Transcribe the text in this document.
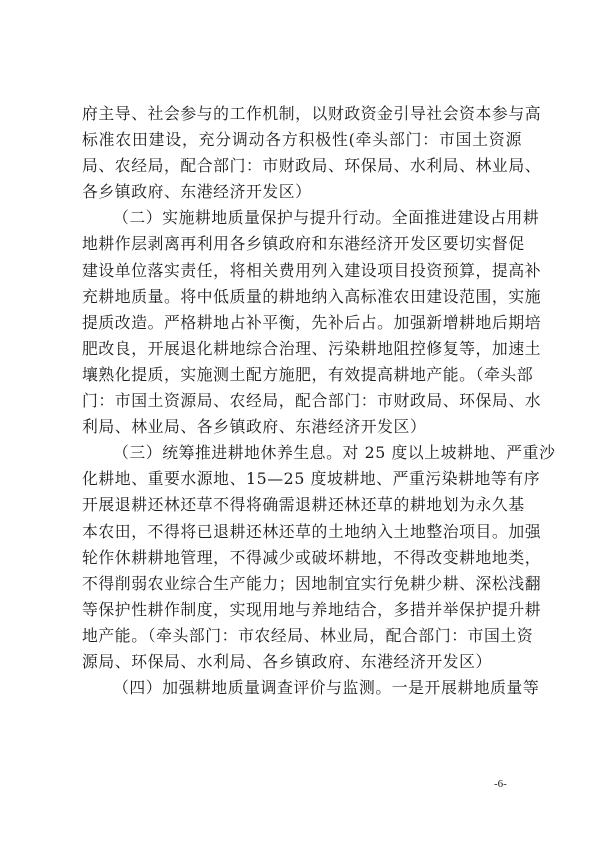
府主导、社会参与的工作机制，以财政资金引导社会资本参与高
标准农田建设，充分调动各方积极性(牵头部门：市国土资源
局、农经局，配合部门：市财政局、环保局、水利局、林业局、
各乡镇政府、东港经济开发区）
（二）实施耕地质量保护与提升行动。全面推进建设占用耕
地耕作层剥离再利用各乡镇政府和东港经济开发区要切实督促
建设单位落实责任，将相关费用列入建设项目投资预算，提高补
充耕地质量。将中低质量的耕地纳入高标准农田建设范围，实施
提质改造。严格耕地占补平衡，先补后占。加强新增耕地后期培
肥改良，开展退化耕地综合治理、污染耕地阻控修复等，加速土
壤熟化提质，实施测土配方施肥，有效提高耕地产能。（牵头部
门：市国土资源局、农经局，配合部门：市财政局、环保局、水
利局、林业局、各乡镇政府、东港经济开发区）
（三）统筹推进耕地休养生息。对 25 度以上坡耕地、严重沙
化耕地、重要水源地、15—25 度坡耕地、严重污染耕地等有序
开展退耕还林还草不得将确需退耕还林还草的耕地划为永久基
本农田，不得将已退耕还林还草的土地纳入土地整治项目。加强
轮作休耕耕地管理，不得减少或破坏耕地，不得改变耕地地类，
不得削弱农业综合生产能力；因地制宜实行免耕少耕、深松浅翻
等保护性耕作制度，实现用地与养地结合，多措并举保护提升耕
地产能。（牵头部门：市农经局、林业局，配合部门：市国土资
源局、环保局、水利局、各乡镇政府、东港经济开发区）
（四）加强耕地质量调查评价与监测。一是开展耕地质量等
-6-
